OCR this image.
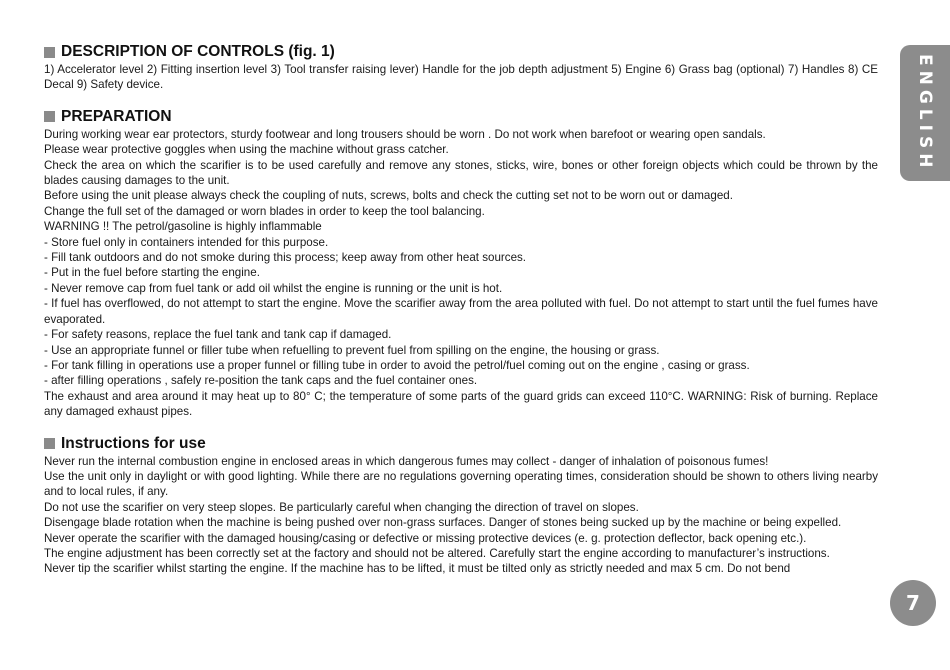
ENGLISH
DESCRIPTION OF CONTROLS (fig. 1)

1) Accelerator level 2) Fitting insertion level 3) Tool transfer raising lever) Handle for the job depth adjustment 5) Engine 6) Grass bag (optional) 7) Handles 8) CE Decal 9) Safety device.

PREPARATION

During working wear ear protectors, sturdy footwear and long trousers should be worn . Do not work when barefoot or wearing open sandals.

Please wear protective goggles when using the machine without grass catcher.

Check the area on which the scarifier is to be used carefully and remove any stones, sticks, wire, bones or other foreign objects which could be thrown by the blades causing damages to the unit.

Before using the unit please always check the coupling of nuts, screws, bolts and check the cutting set not to be worn out or damaged.

Change the full set of the damaged or worn blades in order to keep the tool balancing.

WARNING !! The petrol/gasoline is highly inflammable

- Store fuel only in containers intended for this purpose.

- Fill tank outdoors and do not smoke during this process; keep away from other heat sources.

- Put in the fuel before starting the engine.

- Never remove cap from fuel tank or add oil whilst the engine is running or the unit is hot.

- If fuel has overflowed, do not attempt to start the engine. Move the scarifier away from the area polluted with fuel. Do not attempt to start until the fuel fumes have evaporated.

- For safety reasons, replace the fuel tank and tank cap if damaged.

- Use an appropriate funnel or filler tube when refuelling to prevent fuel from spilling on the engine, the housing or grass.

- For tank filling in operations use a proper funnel or filling tube in order to avoid the petrol/fuel coming out on the engine , casing or grass.

- after filling operations , safely re-position the tank caps and the fuel container ones.

The exhaust and area around it may heat up to 80° C; the temperature of some parts of the guard grids can exceed 110°C. WARNING: Risk of burning. Replace any damaged exhaust pipes.

Instructions for use

Never run the internal combustion engine in enclosed areas in which dangerous fumes may collect - danger of inhalation of poisonous fumes!

Use the unit only in daylight or with good lighting. While there are no regulations governing operating times, consideration should be shown to others living nearby and to local rules, if any.

Do not use the scarifier on very steep slopes. Be particularly careful when changing the direction of travel on slopes.

Disengage blade rotation when the machine is being pushed over non-grass surfaces. Danger of stones being sucked up by the machine or being expelled.

Never operate the scarifier with the damaged housing/casing or defective or missing protective devices (e. g. protection deflector, back opening etc.).

The engine adjustment has been correctly set at the factory and should not be altered. Carefully start the engine according to manufacturer’s instructions.

Never tip the scarifier whilst starting the engine. If the machine has to be lifted, it must be tilted only as strictly needed and max 5 cm. Do not bend

7
